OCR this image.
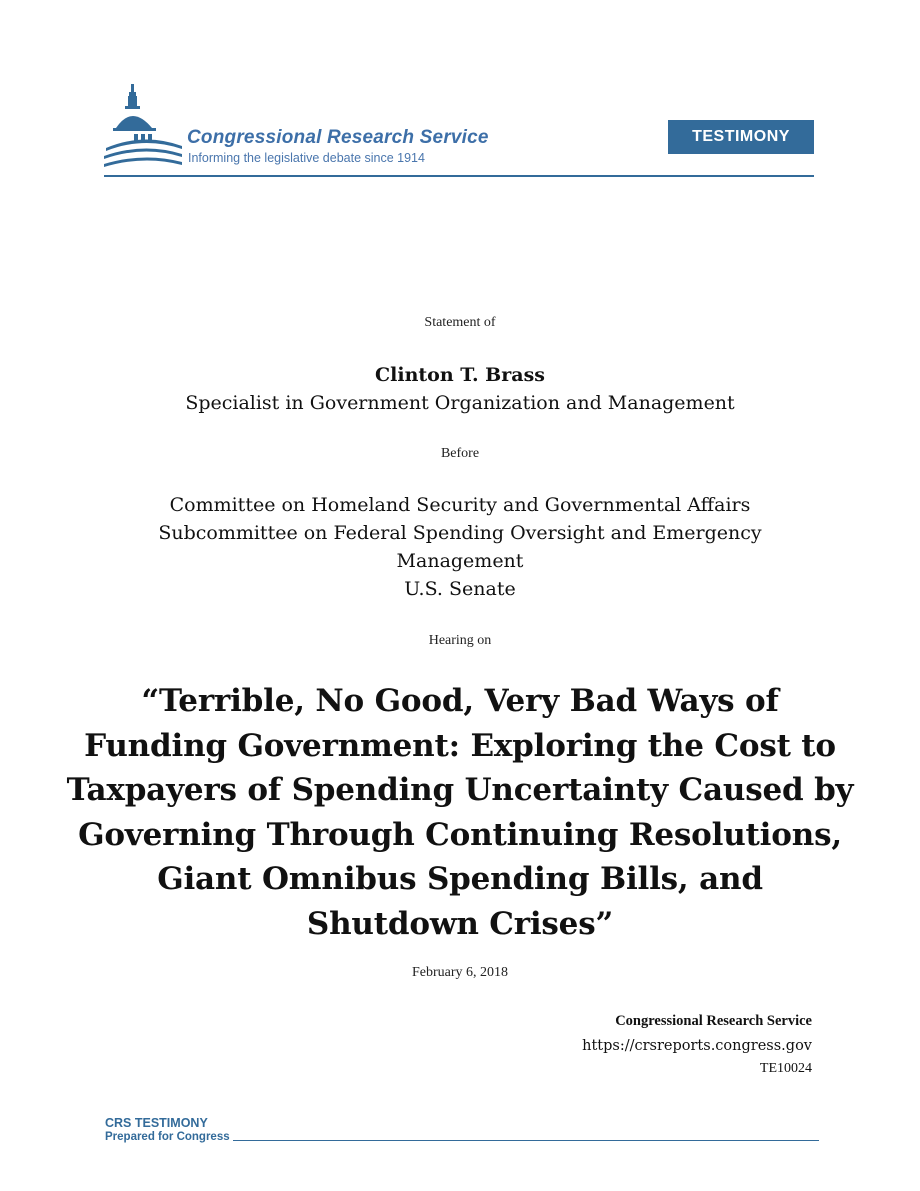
Congressional Research Service
Informing the legislative debate since 1914
TESTIMONY
Statement of
Clinton T. Brass
Specialist in Government Organization and Management
Before
Committee on Homeland Security and Governmental Affairs
Subcommittee on Federal Spending Oversight and Emergency
Management
U.S. Senate
Hearing on
“Terrible, No Good, Very Bad Ways of
Funding Government: Exploring the Cost to
Taxpayers of Spending Uncertainty Caused by
Governing Through Continuing Resolutions,
Giant Omnibus Spending Bills, and
Shutdown Crises”
February 6, 2018
Congressional Research Service
https://crsreports.congress.gov
TE10024
CRS TESTIMONY
Prepared for Congress
